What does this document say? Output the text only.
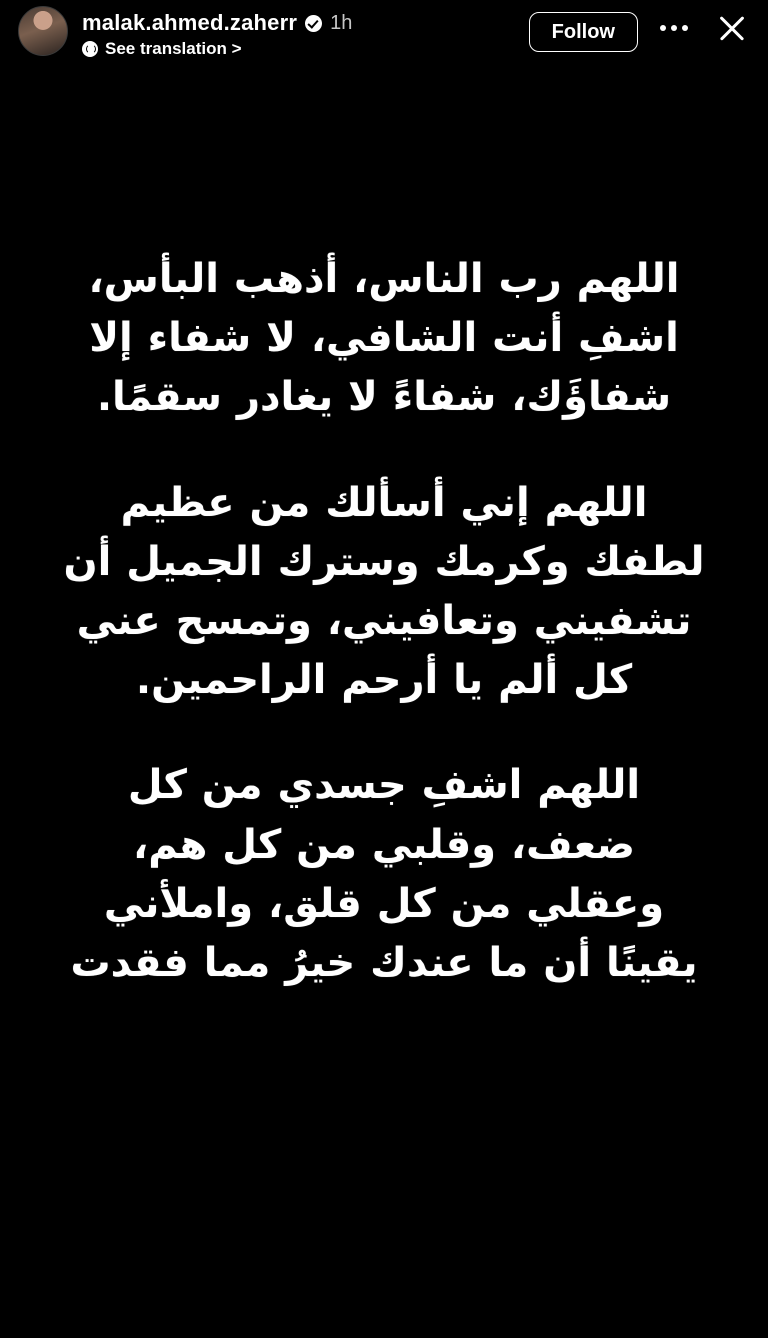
malak.ahmed.zaherr 1h
See translation >
Follow

اللهم رب الناس، أذهب البأس، اشفِ أنت الشافي، لا شفاء إلا شفاؤَك، شفاءً لا يغادر سقمًا.

اللهم إني أسألك من عظيم لطفك وكرمك وسترك الجميل أن تشفيني وتعافيني، وتمسح عني كل ألم يا أرحم الراحمين.

اللهم اشفِ جسدي من كل ضعف، وقلبي من كل هم، وعقلي من كل قلق، واملأني يقينًا أن ما عندك خيرُ مما فقدت
